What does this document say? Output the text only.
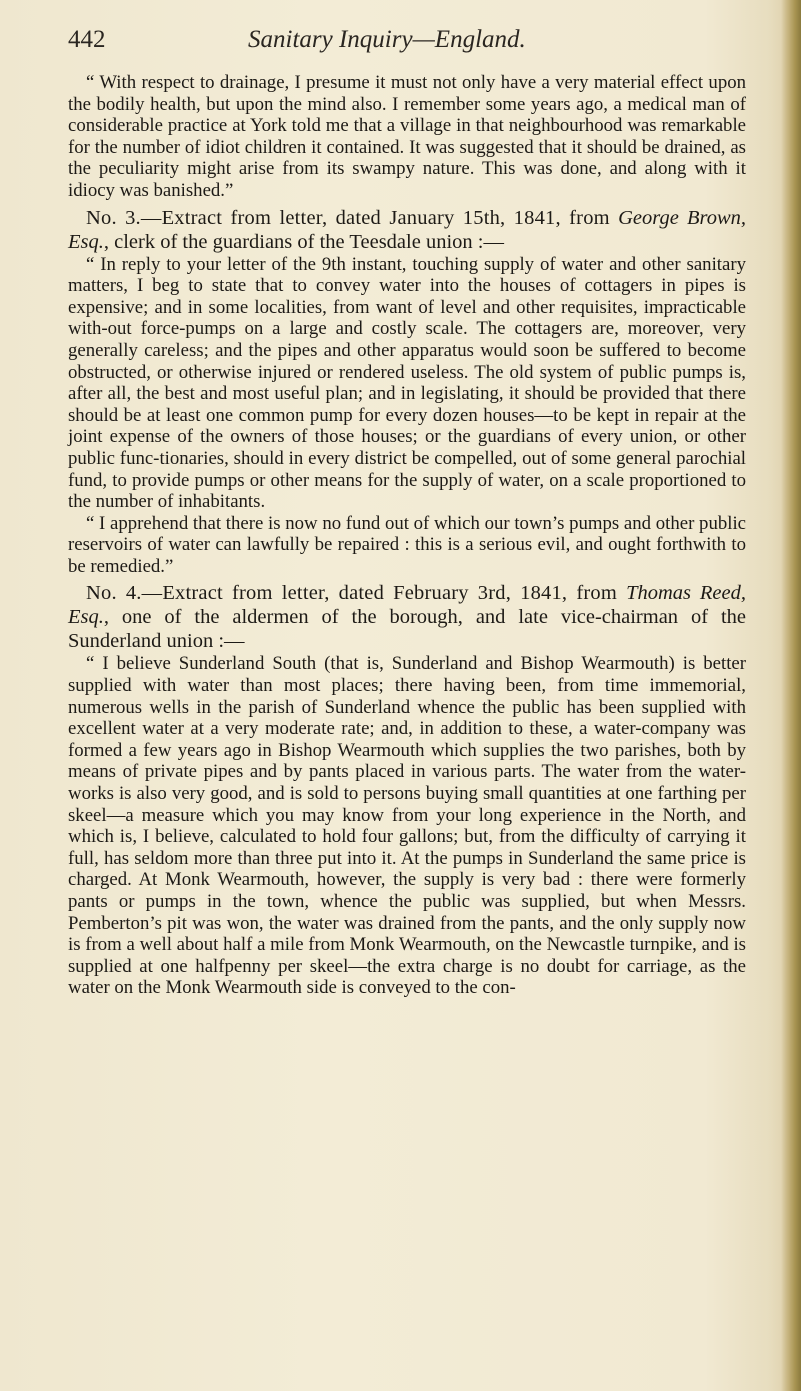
442	Sanitary Inquiry—England.

“ With respect to drainage, I presume it must not only have a very material effect upon the bodily health, but upon the mind also. I remember some years ago, a medical man of considerable practice at York told me that a village in that neighbourhood was remarkable for the number of idiot children it contained. It was suggested that it should be drained, as the peculiarity might arise from its swampy nature. This was done, and along with it idiocy was banished.”

No. 3.—Extract from letter, dated January 15th, 1841, from George Brown, Esq., clerk of the guardians of the Teesdale union :—

“ In reply to your letter of the 9th instant, touching supply of water and other sanitary matters, I beg to state that to convey water into the houses of cottagers in pipes is expensive; and in some localities, from want of level and other requisites, impracticable with-out force-pumps on a large and costly scale. The cottagers are, moreover, very generally careless; and the pipes and other apparatus would soon be suffered to become obstructed, or otherwise injured or rendered useless. The old system of public pumps is, after all, the best and most useful plan; and in legislating, it should be provided that there should be at least one common pump for every dozen houses—to be kept in repair at the joint expense of the owners of those houses; or the guardians of every union, or other public func-tionaries, should in every district be compelled, out of some general parochial fund, to provide pumps or other means for the supply of water, on a scale proportioned to the number of inhabitants.

“ I apprehend that there is now no fund out of which our town’s pumps and other public reservoirs of water can lawfully be repaired : this is a serious evil, and ought forthwith to be remedied.”

No. 4.—Extract from letter, dated February 3rd, 1841, from Thomas Reed, Esq., one of the aldermen of the borough, and late vice-chairman of the Sunderland union :—

“ I believe Sunderland South (that is, Sunderland and Bishop Wearmouth) is better supplied with water than most places; there having been, from time immemorial, numerous wells in the parish of Sunderland whence the public has been supplied with excellent water at a very moderate rate; and, in addition to these, a water-company was formed a few years ago in Bishop Wearmouth which supplies the two parishes, both by means of private pipes and by pants placed in various parts. The water from the water-works is also very good, and is sold to persons buying small quantities at one farthing per skeel—a measure which you may know from your long experience in the North, and which is, I believe, calculated to hold four gallons; but, from the difficulty of carrying it full, has seldom more than three put into it. At the pumps in Sunderland the same price is charged. At Monk Wearmouth, however, the supply is very bad : there were formerly pants or pumps in the town, whence the public was supplied, but when Messrs. Pemberton’s pit was won, the water was drained from the pants, and the only supply now is from a well about half a mile from Monk Wearmouth, on the Newcastle turnpike, and is supplied at one halfpenny per skeel—the extra charge is no doubt for carriage, as the water on the Monk Wearmouth side is conveyed to the con-
